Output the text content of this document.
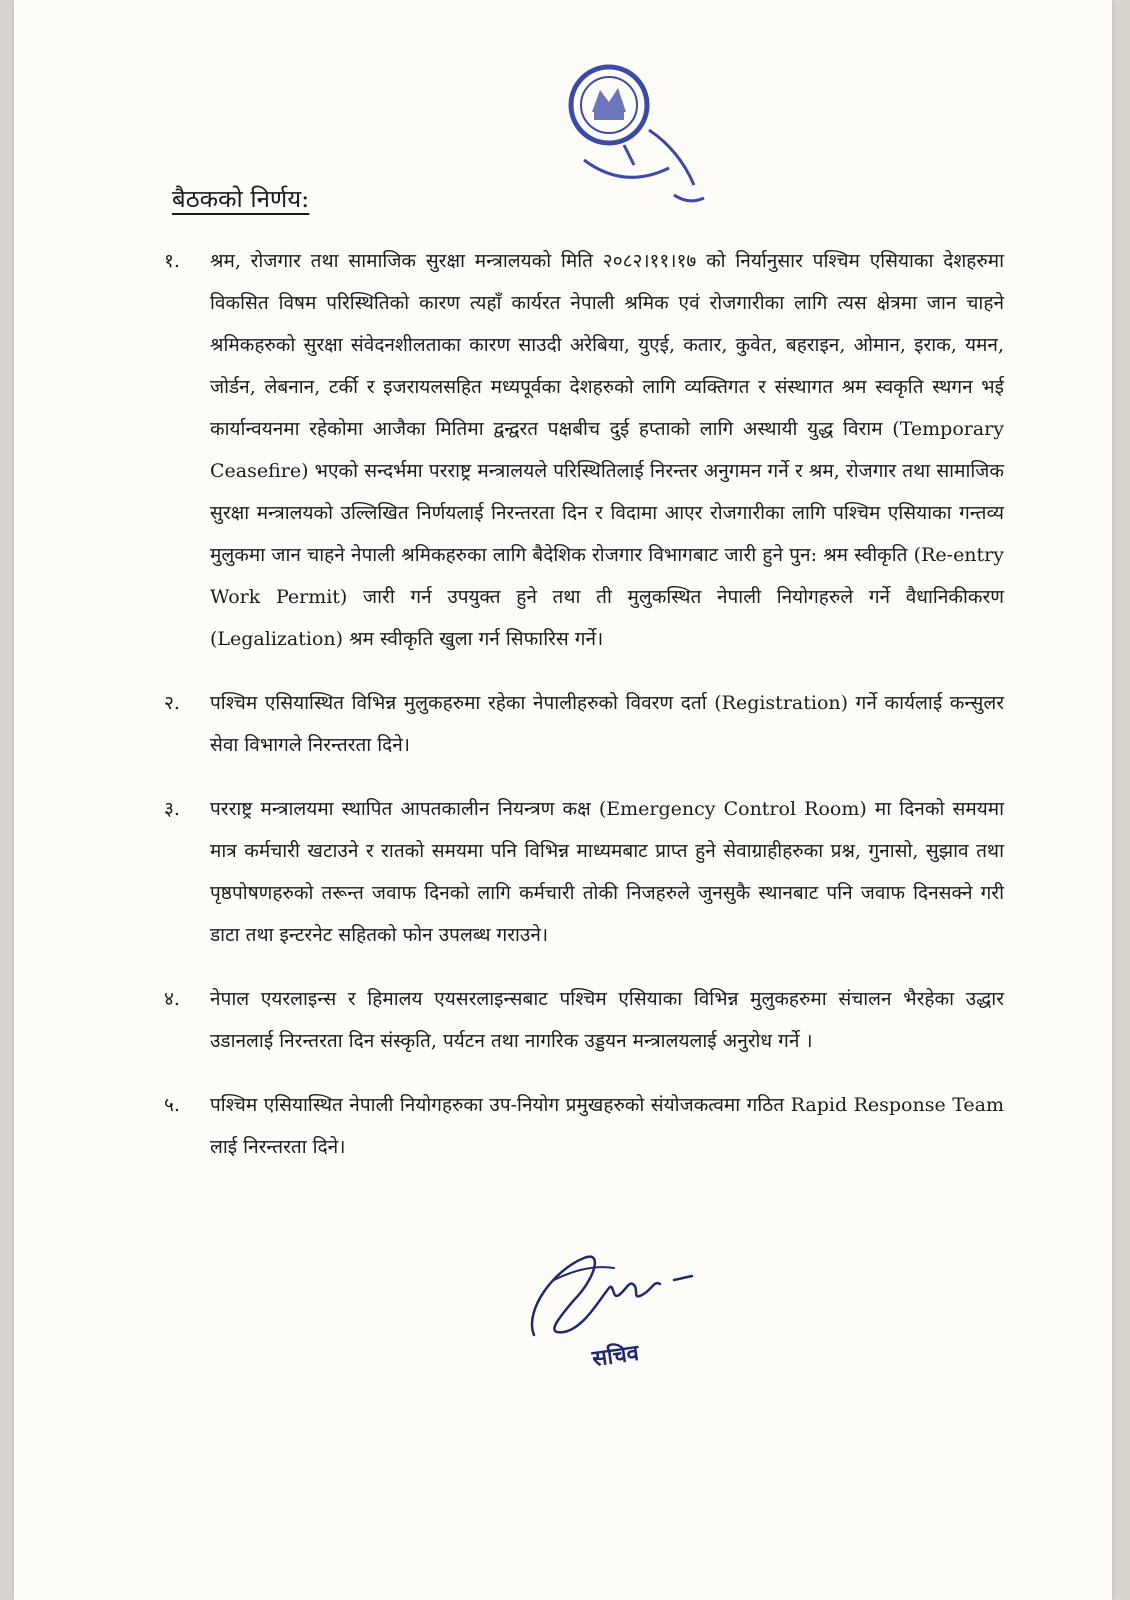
बैठकको निर्णय:
१.	श्रम, रोजगार तथा सामाजिक सुरक्षा मन्त्रालयको मिति २०८२।११।१७ को निर्यानुसार पश्चिम एसियाका देशहरुमा विकसित विषम परिस्थितिको कारण त्यहाँ कार्यरत नेपाली श्रमिक एवं रोजगारीका लागि त्यस क्षेत्रमा जान चाहने श्रमिकहरुको सुरक्षा संवेदनशीलताका कारण साउदी अरेबिया, युएई, कतार, कुवेत, बहराइन, ओमान, इराक, यमन, जोर्डन, लेबनान, टर्की र इजरायलसहित मध्यपूर्वका देशहरुको लागि व्यक्तिगत र संस्थागत श्रम स्वकृति स्थगन भई कार्यान्वयनमा रहेकोमा आजैका मितिमा द्वन्द्वरत पक्षबीच दुई हप्ताको लागि अस्थायी युद्ध विराम (Temporary Ceasefire) भएको सन्दर्भमा परराष्ट्र मन्त्रालयले परिस्थितिलाई निरन्तर अनुगमन गर्ने र श्रम, रोजगार तथा सामाजिक सुरक्षा मन्त्रालयको उल्लिखित निर्णयलाई निरन्तरता दिन र विदामा आएर रोजगारीका लागि पश्चिम एसियाका गन्तव्य मुलुकमा जान चाहने नेपाली श्रमिकहरुका लागि बैदेशिक रोजगार विभागबाट जारी हुने पुन: श्रम स्वीकृति (Re-entry Work Permit) जारी गर्न उपयुक्त हुने तथा ती मुलुकस्थित नेपाली नियोगहरुले गर्ने वैधानिकीकरण (Legalization) श्रम स्वीकृति खुला गर्न सिफारिस गर्ने।
२.	पश्चिम एसियास्थित विभिन्न मुलुकहरुमा रहेका नेपालीहरुको विवरण दर्ता (Registration) गर्ने कार्यलाई कन्सुलर सेवा विभागले निरन्तरता दिने।
३.	परराष्ट्र मन्त्रालयमा स्थापित आपतकालीन नियन्त्रण कक्ष (Emergency Control Room) मा दिनको समयमा मात्र कर्मचारी खटाउने र रातको समयमा पनि विभिन्न माध्यमबाट प्राप्त हुने सेवाग्राहीहरुका प्रश्न, गुनासो, सुझाव तथा पृष्ठपोषणहरुको तरून्त जवाफ दिनको लागि कर्मचारी तोकी निजहरुले जुनसुकै स्थानबाट पनि जवाफ दिनसक्ने गरी डाटा तथा इन्टरनेट सहितको फोन उपलब्ध गराउने।
४.	नेपाल एयरलाइन्स र हिमालय एयसरलाइन्सबाट पश्चिम एसियाका विभिन्न मुलुकहरुमा संचालन भैरहेका उद्धार उडानलाई निरन्तरता दिन संस्कृति, पर्यटन तथा नागरिक उड्डयन मन्त्रालयलाई अनुरोध गर्ने ।
५.	पश्चिम एसियास्थित नेपाली नियोगहरुका उप-नियोग प्रमुखहरुको संयोजकत्वमा गठित Rapid Response Team लाई निरन्तरता दिने।
सचिव
